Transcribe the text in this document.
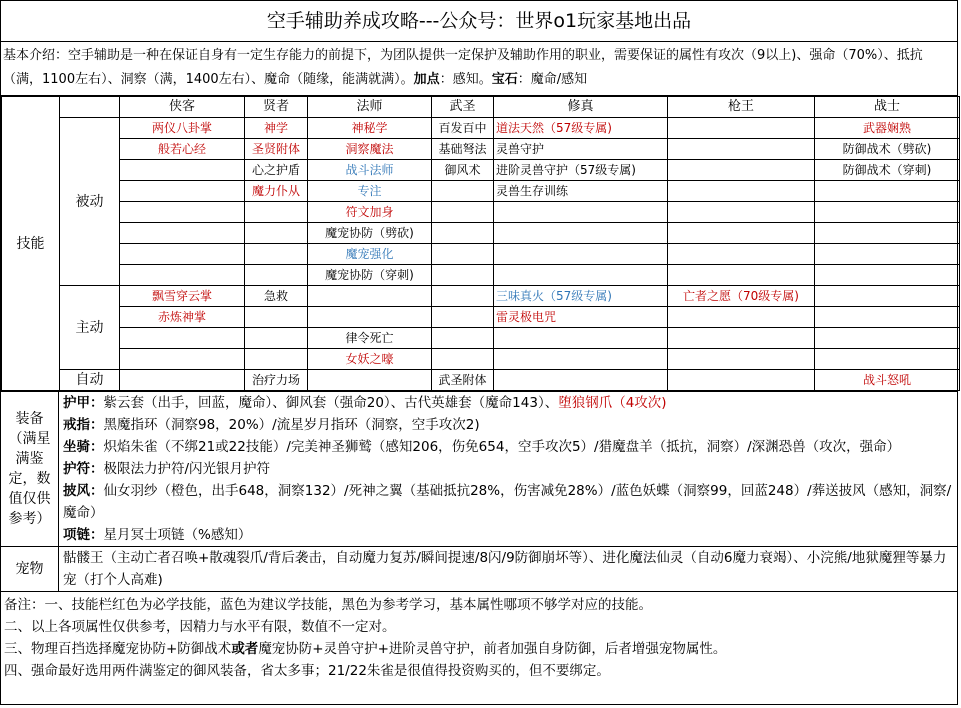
空手辅助养成攻略---公众号：世界o1玩家基地出品
基本介绍：空手辅助是一种在保证自身有一定生存能力的前提下，为团队提供一定保护及辅助作用的职业，需要保证的属性有攻次（9以上)、强命（70%）、抵抗（满，1100左右）、洞察（满，1400左右）、魔命（随缘，能满就满）。加点：感知。宝石：魔命/感知
技能		侠客	贤者	法师	武圣	修真	枪王	战士
	被动	两仪八卦掌	神学	神秘学	百发百中	道法天然（57级专属)		武器娴熟
		般若心经	圣贤附体	洞察魔法	基础弩法	灵兽守护		防御战术（劈砍)
			心之护盾	战斗法师	御风术	进阶灵兽守护（57级专属)		防御战术（穿刺)
			魔力仆从	专注		灵兽生存训练		
				符文加身				
				魔宠协防（劈砍)				
				魔宠强化				
				魔宠协防（穿刺)				
	主动	飘雪穿云掌	急救			三味真火（57级专属)	亡者之愿（70级专属)	
		赤炼神掌				雷灵极电咒		
				律令死亡				
				女妖之嚎				
	自动		治疗力场		武圣附体			战斗怒吼
装备（满星满鉴定，数值仅供参考）
护甲：紫云套（出手，回蓝，魔命）、御风套（强命20）、古代英雄套（魔命143）、堕狼钢爪（4攻次)
戒指：黑魔指环（洞察98，20%）/流星岁月指环（洞察，空手攻次2)
坐骑：炽焰朱雀（不绑21或22技能）/完美神圣狮鹫（感知206，伤免654，空手攻次5）/猎魔盘羊（抵抗，洞察）/深渊恐兽（攻次，强命）
护符：极限法力护符/闪光银月护符
披风：仙女羽纱（橙色，出手648，洞察132）/死神之翼（基础抵抗28%，伤害减免28%）/蓝色妖蝶（洞察99，回蓝248）/葬送披风（感知，洞察/魔命）
项链：星月冥士项链（%感知）
宠物
骷髅王（主动亡者召唤+散魂裂爪/背后袭击，自动魔力复苏/瞬间提速/8闪/9防御崩坏等）、进化魔法仙灵（自动6魔力衰竭）、小浣熊/地狱魔狸等暴力宠（打个人高难)
备注：一、技能栏红色为必学技能，蓝色为建议学技能，黑色为参考学习，基本属性哪项不够学对应的技能。
二、以上各项属性仅供参考，因精力与水平有限，数值不一定对。
三、物理百挡选择魔宠协防+防御战术或者魔宠协防+灵兽守护+进阶灵兽守护，前者加强自身防御，后者增强宠物属性。
四、强命最好选用两件满鉴定的御风装备，省太多事；21/22朱雀是很值得投资购买的，但不要绑定。
